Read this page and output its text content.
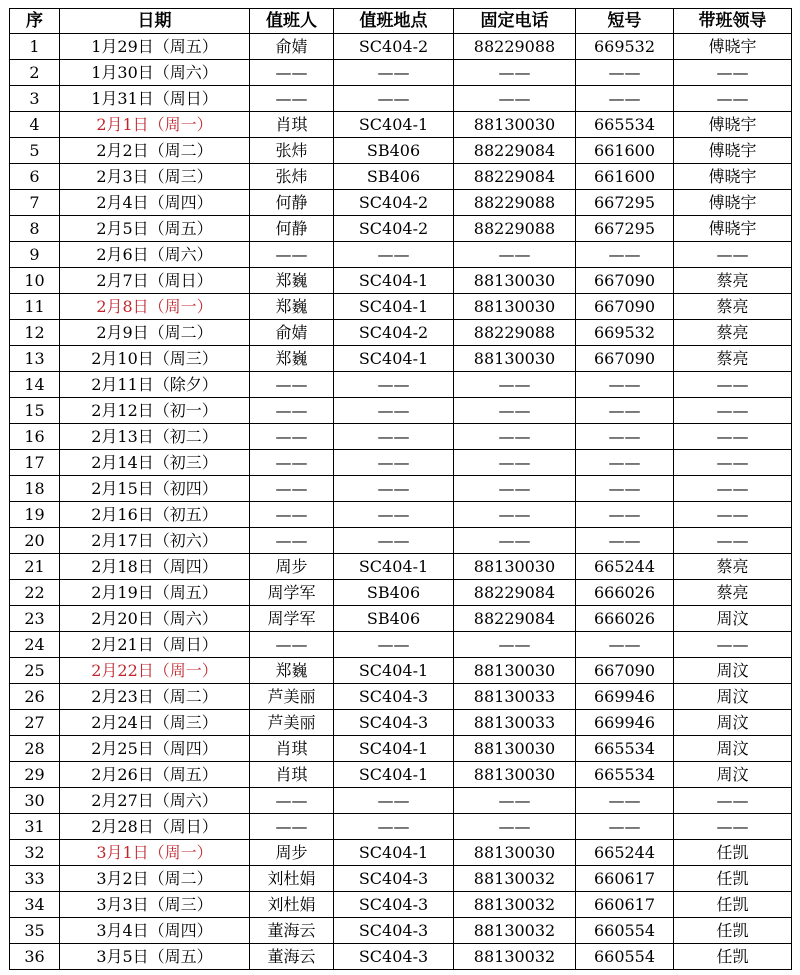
序	日期	值班人	值班地点	固定电话	短号	带班领导
1	1月29日（周五）	俞婧	SC404-2	88229088	669532	傅晓宇
2	1月30日（周六）	——	——	——	——	——
3	1月31日（周日）	——	——	——	——	——
4	2月1日（周一）	肖琪	SC404-1	88130030	665534	傅晓宇
5	2月2日（周二）	张炜	SB406	88229084	661600	傅晓宇
6	2月3日（周三）	张炜	SB406	88229084	661600	傅晓宇
7	2月4日（周四）	何静	SC404-2	88229088	667295	傅晓宇
8	2月5日（周五）	何静	SC404-2	88229088	667295	傅晓宇
9	2月6日（周六）	——	——	——	——	——
10	2月7日（周日）	郑巍	SC404-1	88130030	667090	蔡亮
11	2月8日（周一）	郑巍	SC404-1	88130030	667090	蔡亮
12	2月9日（周二）	俞婧	SC404-2	88229088	669532	蔡亮
13	2月10日（周三）	郑巍	SC404-1	88130030	667090	蔡亮
14	2月11日（除夕）	——	——	——	——	——
15	2月12日（初一）	——	——	——	——	——
16	2月13日（初二）	——	——	——	——	——
17	2月14日（初三）	——	——	——	——	——
18	2月15日（初四）	——	——	——	——	——
19	2月16日（初五）	——	——	——	——	——
20	2月17日（初六）	——	——	——	——	——
21	2月18日（周四）	周步	SC404-1	88130030	665244	蔡亮
22	2月19日（周五）	周学军	SB406	88229084	666026	蔡亮
23	2月20日（周六）	周学军	SB406	88229084	666026	周汶
24	2月21日（周日）	——	——	——	——	——
25	2月22日（周一）	郑巍	SC404-1	88130030	667090	周汶
26	2月23日（周二）	芦美丽	SC404-3	88130033	669946	周汶
27	2月24日（周三）	芦美丽	SC404-3	88130033	669946	周汶
28	2月25日（周四）	肖琪	SC404-1	88130030	665534	周汶
29	2月26日（周五）	肖琪	SC404-1	88130030	665534	周汶
30	2月27日（周六）	——	——	——	——	——
31	2月28日（周日）	——	——	——	——	——
32	3月1日（周一）	周步	SC404-1	88130030	665244	任凯
33	3月2日（周二）	刘杜娟	SC404-3	88130032	660617	任凯
34	3月3日（周三）	刘杜娟	SC404-3	88130032	660617	任凯
35	3月4日（周四）	董海云	SC404-3	88130032	660554	任凯
36	3月5日（周五）	董海云	SC404-3	88130032	660554	任凯
